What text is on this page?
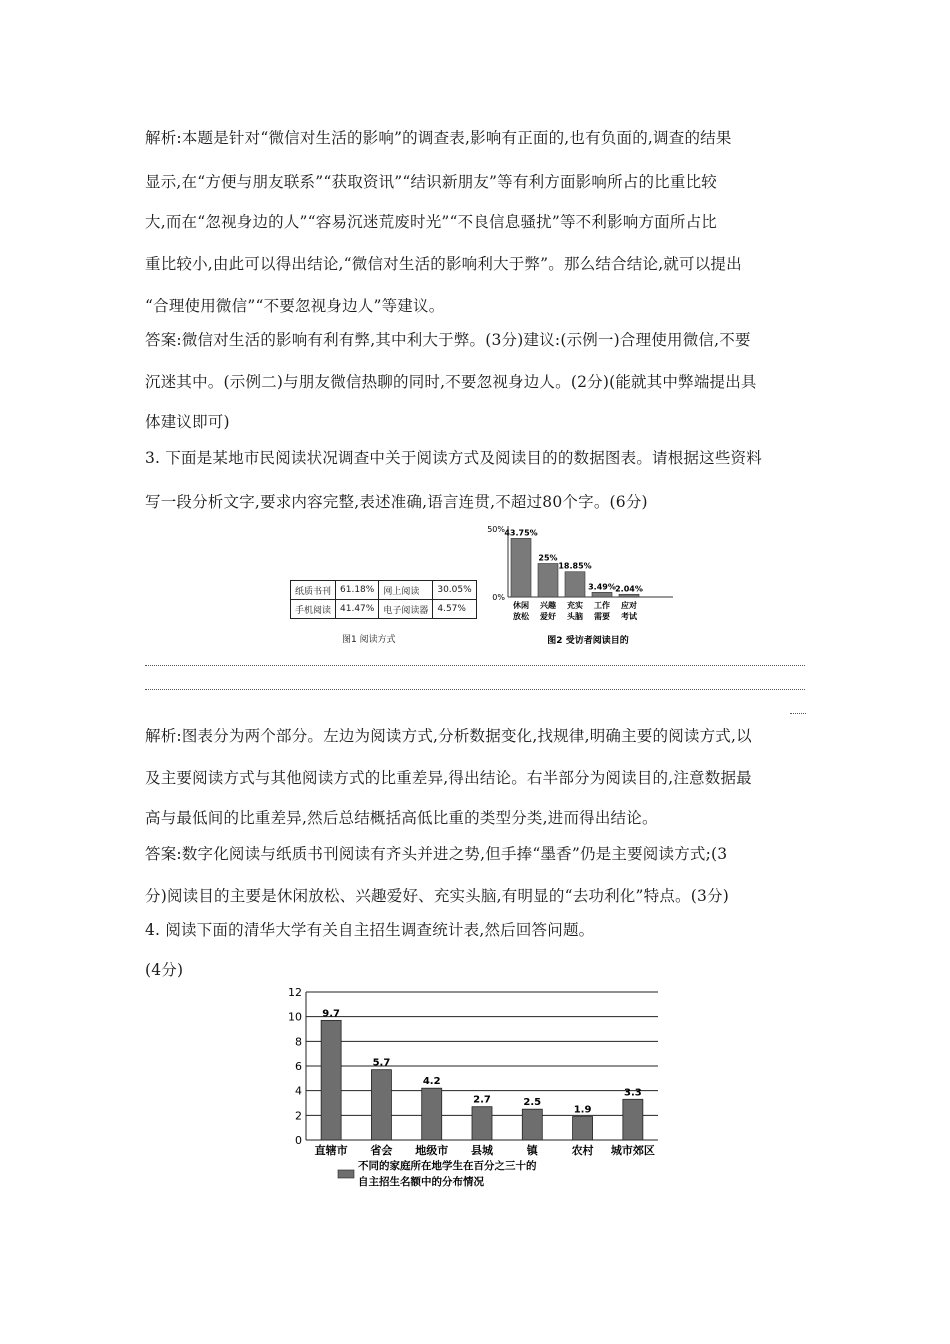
解析:本题是针对“微信对生活的影响”的调查表,影响有正面的,也有负面的,调查的结果
显示,在“方便与朋友联系”“获取资讯”“结识新朋友”等有利方面影响所占的比重比较
大,而在“忽视身边的人”“容易沉迷荒废时光”“不良信息骚扰”等不利影响方面所占比
重比较小,由此可以得出结论,“微信对生活的影响利大于弊”。那么结合结论,就可以提出
“合理使用微信”“不要忽视身边人”等建议。
答案:微信对生活的影响有利有弊,其中利大于弊。(3分)建议:(示例一)合理使用微信,不要
沉迷其中。(示例二)与朋友微信热聊的同时,不要忽视身边人。(2分)(能就其中弊端提出具
体建议即可)
3. 下面是某地市民阅读状况调查中关于阅读方式及阅读目的的数据图表。请根据这些资料
写一段分析文字,要求内容完整,表述准确,语言连贯,不超过80个字。(6分)
纸质书刊	61.18%	网上阅读	30.05%
手机阅读	41.47%	电子阅读器	4.57%
图1 阅读方式
50%
0%
43.75%
休闲
放松
25%
兴趣
爱好
18.85%
充实
头脑
3.49%
工作
需要
2.04%
应对
考试
图2 受访者阅读目的
解析:图表分为两个部分。左边为阅读方式,分析数据变化,找规律,明确主要的阅读方式,以
及主要阅读方式与其他阅读方式的比重差异,得出结论。右半部分为阅读目的,注意数据最
高与最低间的比重差异,然后总结概括高低比重的类型分类,进而得出结论。
答案:数字化阅读与纸质书刊阅读有齐头并进之势,但手捧“墨香”仍是主要阅读方式;(3
分)阅读目的主要是休闲放松、兴趣爱好、充实头脑,有明显的“去功利化”特点。(3分)
4. 阅读下面的清华大学有关自主招生调查统计表,然后回答问题。
(4分)
0
2
4
6
8
10
12
9.7
直辖市
5.7
省会
4.2
地级市
2.7
县城
2.5
镇
1.9
农村
3.3
城市郊区
不同的家庭所在地学生在百分之三十的
自主招生名额中的分布情况
